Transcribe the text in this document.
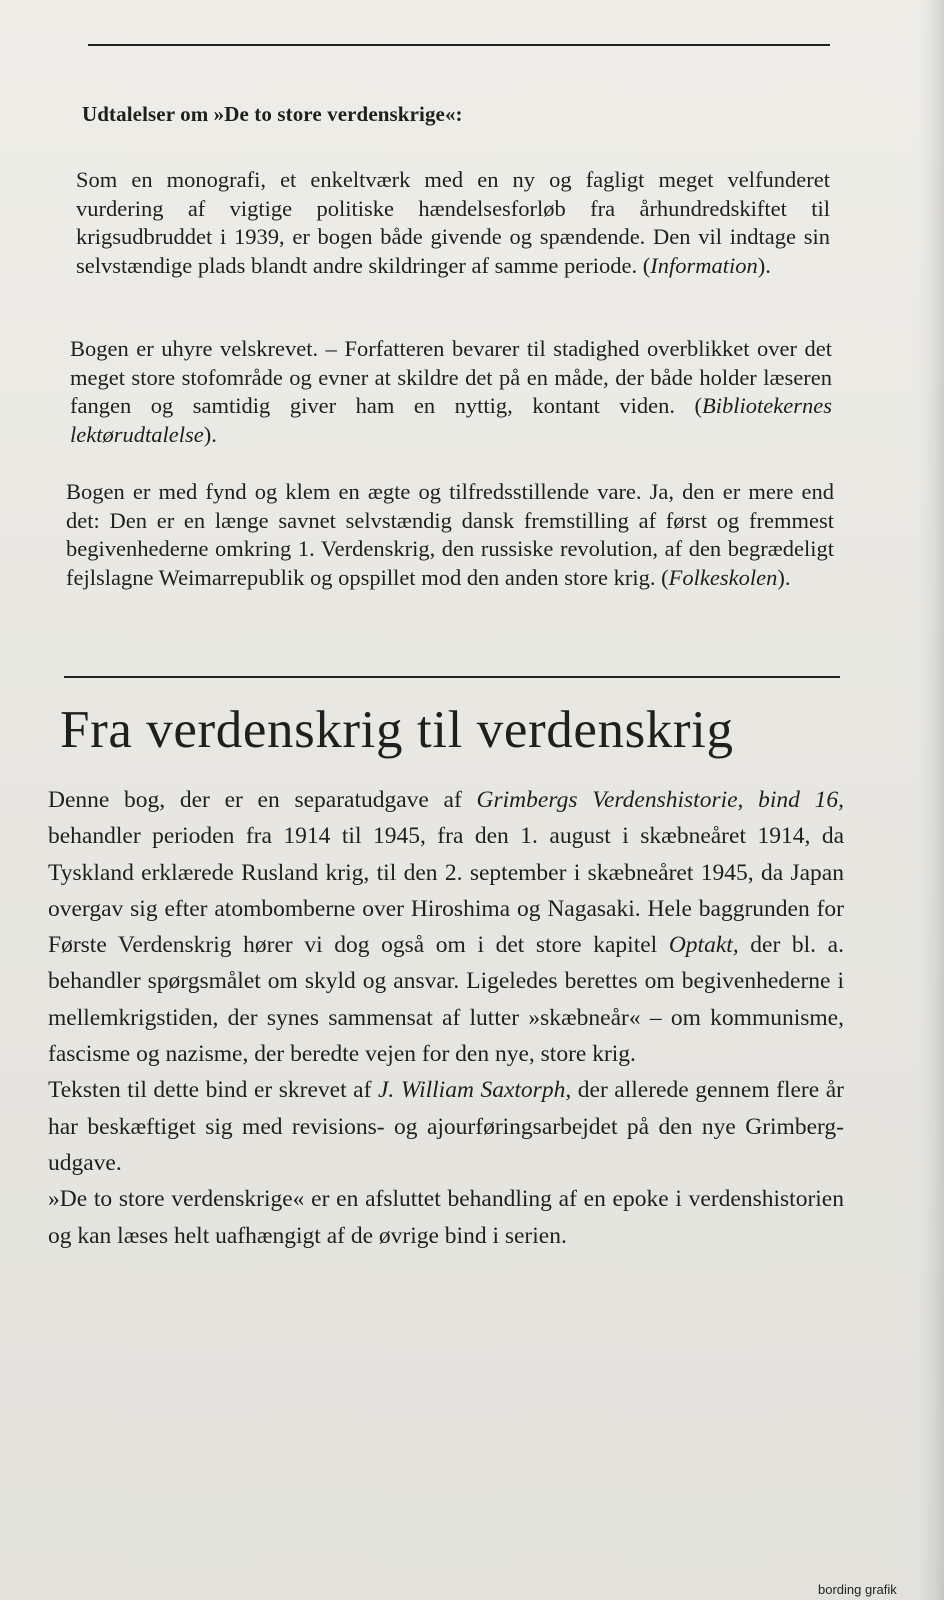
Udtalelser om »De to store verdenskrige«:

Som en monografi, et enkeltværk med en ny og fagligt meget velfunderet vurdering af vigtige politiske hændelsesforløb fra århundredskiftet til krigsudbruddet i 1939, er bogen både givende og spændende. Den vil indtage sin selvstændige plads blandt andre skildringer af samme periode. (Information).

Bogen er uhyre velskrevet. – Forfatteren bevarer til stadighed overblikket over det meget store stofområde og evner at skildre det på en måde, der både holder læseren fangen og samtidig giver ham en nyttig, kontant viden. (Bibliotekernes lektørudtalelse).

Bogen er med fynd og klem en ægte og tilfredsstillende vare. Ja, den er mere end det: Den er en længe savnet selvstændig dansk fremstilling af først og fremmest begivenhederne omkring 1. Verdenskrig, den russiske revolution, af den begrædeligt fejlslagne Weimarrepublik og opspillet mod den anden store krig. (Folkeskolen).

Fra verdenskrig til verdenskrig

Denne bog, der er en separatudgave af Grimbergs Verdenshistorie, bind 16, behandler perioden fra 1914 til 1945, fra den 1. august i skæbneåret 1914, da Tyskland erklærede Rusland krig, til den 2. september i skæbneåret 1945, da Japan overgav sig efter atombomberne over Hiroshima og Nagasaki. Hele baggrunden for Første Verdenskrig hører vi dog også om i det store kapitel Optakt, der bl. a. behandler spørgsmålet om skyld og ansvar. Ligeledes berettes om begivenhederne i mellemkrigstiden, der synes sammensat af lutter »skæbneår« – om kommunisme, fascisme og nazisme, der beredte vejen for den nye, store krig.

Teksten til dette bind er skrevet af J. William Saxtorph, der allerede gennem flere år har beskæftiget sig med revisions- og ajourføringsarbejdet på den nye Grimberg-udgave.

»De to store verdenskrige« er en afsluttet behandling af en epoke i verdenshistorien og kan læses helt uafhængigt af de øvrige bind i serien.

bording grafik
